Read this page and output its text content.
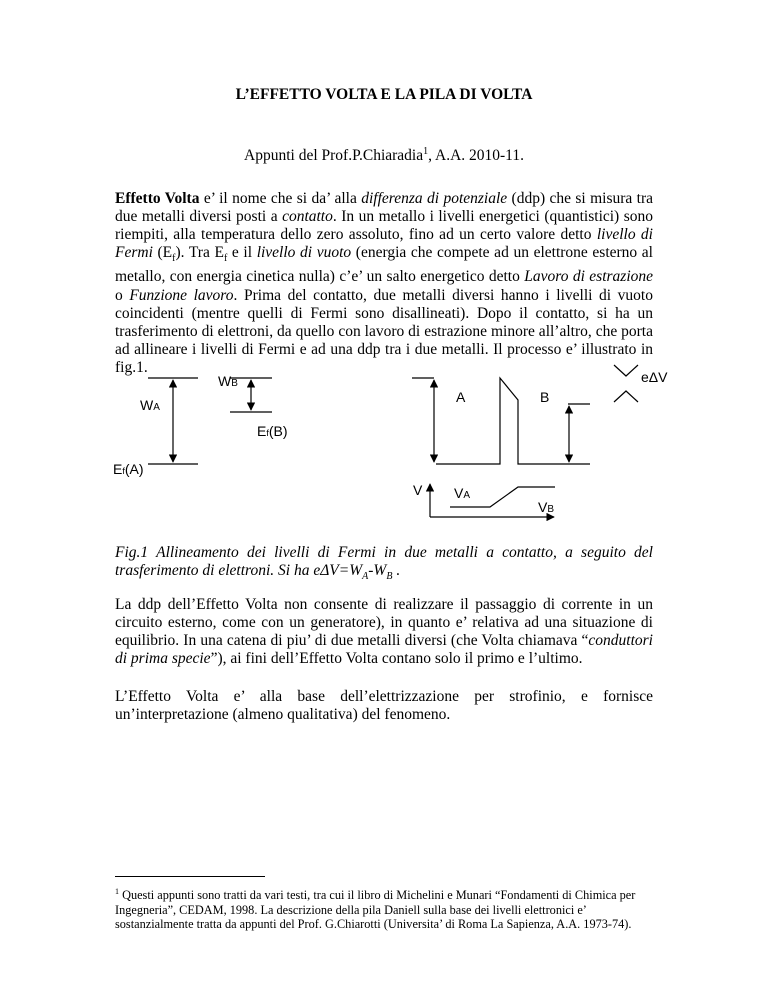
L’EFFETTO VOLTA E LA PILA DI VOLTA
Appunti del Prof.P.Chiaradia$^1$, A.A. 2010-11.

Effetto Volta e’ il nome che si da’ alla differenza di potenziale (ddp) che si misura tra due metalli diversi posti a contatto. In un metallo i livelli energetici (quantistici) sono riempiti, alla temperatura dello zero assoluto, fino ad un certo valore detto livello di Fermi $(E_f)$. Tra $E_f$ e il livello di vuoto (energia che compete ad un elettrone esterno al metallo, con energia cinetica nulla) c’e’ un salto energetico detto Lavoro di estrazione o Funzione lavoro. Prima del contatto, due metalli diversi hanno i livelli di vuoto coincidenti (mentre quelli di Fermi sono disallineati). Dopo il contatto, si ha un trasferimento di elettroni, da quello con lavoro di estrazione minore all’altro, che porta ad allineare i livelli di Fermi e ad una ddp tra i due metalli. Il processo e’ illustrato in fig.1.

WB
WA
Ef(B)
Ef(A)
A	B
eΔV
V VA
VB

Fig.1 Allineamento dei livelli di Fermi in due metalli a contatto, a seguito del trasferimento di elettroni. Si ha $e\Delta V=W_A-W_B$ .

La ddp dell’Effetto Volta non consente di realizzare il passaggio di corrente in un circuito esterno, come con un generatore), in quanto e’ relativa ad una situazione di equilibrio. In una catena di piu’ di due metalli diversi (che Volta chiamava “conduttori di prima specie”), ai fini dell’Effetto Volta contano solo il primo e l’ultimo.

L’Effetto Volta e’ alla base dell’elettrizzazione per strofinio, e fornisce un’interpretazione (almeno qualitativa) del fenomeno.

$^1$ Questi appunti sono tratti da vari testi, tra cui il libro di Michelini e Munari “Fondamenti di Chimica per Ingegneria”, CEDAM, 1998. La descrizione della pila Daniell sulla base dei livelli elettronici e’ sostanzialmente tratta da appunti del Prof. G.Chiarotti (Universita’ di Roma La Sapienza, A.A. 1973-74).
